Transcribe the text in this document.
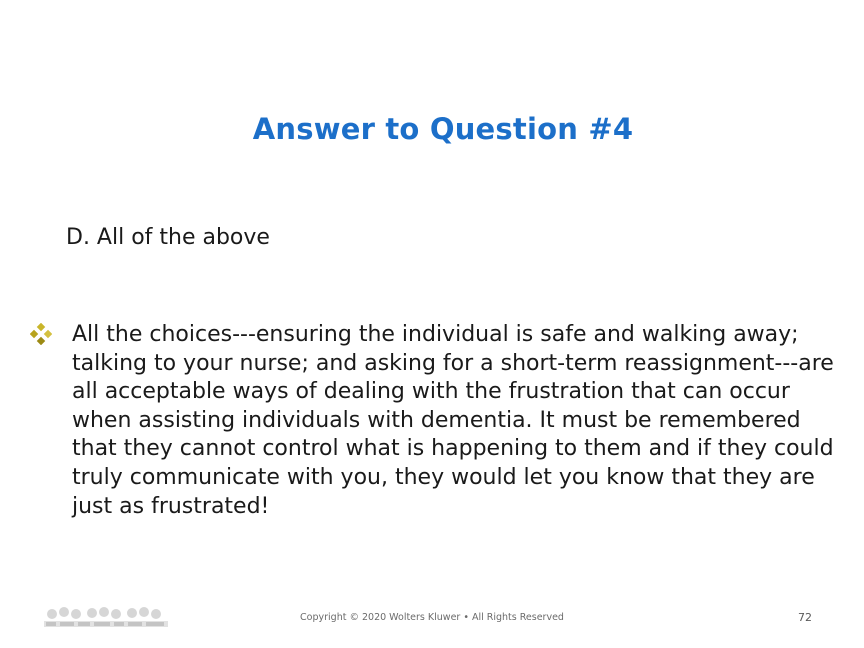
Answer to Question #4
D. All of the above
All the choices---ensuring the individual is safe and walking away; talking to your nurse; and asking for a short-term reassignment---are all acceptable ways of dealing with the frustration that can occur when assisting individuals with dementia. It must be remembered that they cannot control what is happening to them and if they could truly communicate with you, they would let you know that they are just as frustrated!
Copyright © 2020 Wolters Kluwer • All Rights Reserved	72
